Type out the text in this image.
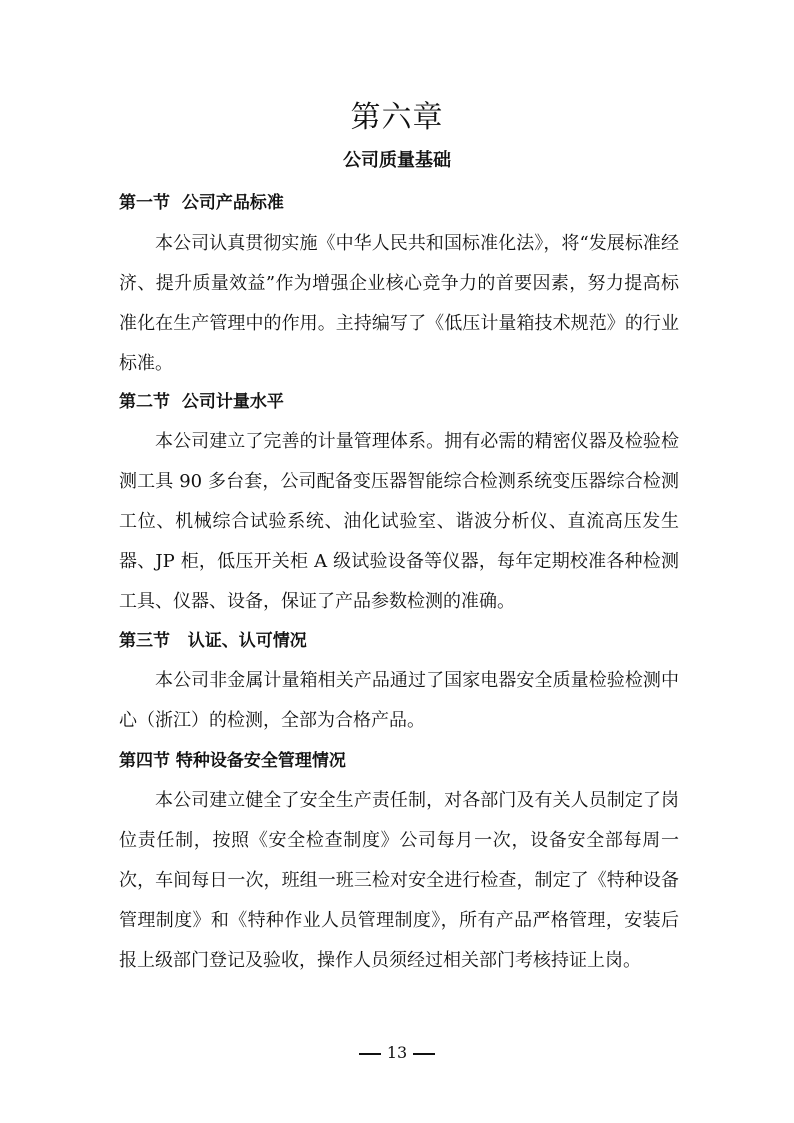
第六章
公司质量基础
第一节 公司产品标准
本公司认真贯彻实施《中华人民共和国标准化法》，将“发展标准经济、提升质量效益”作为增强企业核心竞争力的首要因素，努力提高标准化在生产管理中的作用。主持编写了《低压计量箱技术规范》的行业标准。
第二节 公司计量水平
本公司建立了完善的计量管理体系。拥有必需的精密仪器及检验检测工具 90 多台套，公司配备变压器智能综合检测系统变压器综合检测工位、机械综合试验系统、油化试验室、谐波分析仪、直流高压发生器、JP 柜，低压开关柜 A 级试验设备等仪器，每年定期校准各种检测工具、仪器、设备，保证了产品参数检测的准确。
第三节 认证、认可情况
本公司非金属计量箱相关产品通过了国家电器安全质量检验检测中心（浙江）的检测，全部为合格产品。
第四节 特种设备安全管理情况
本公司建立健全了安全生产责任制，对各部门及有关人员制定了岗位责任制，按照《安全检查制度》公司每月一次，设备安全部每周一次，车间每日一次，班组一班三检对安全进行检查，制定了《特种设备管理制度》和《特种作业人员管理制度》，所有产品严格管理，安装后报上级部门登记及验收，操作人员须经过相关部门考核持证上岗。
13
